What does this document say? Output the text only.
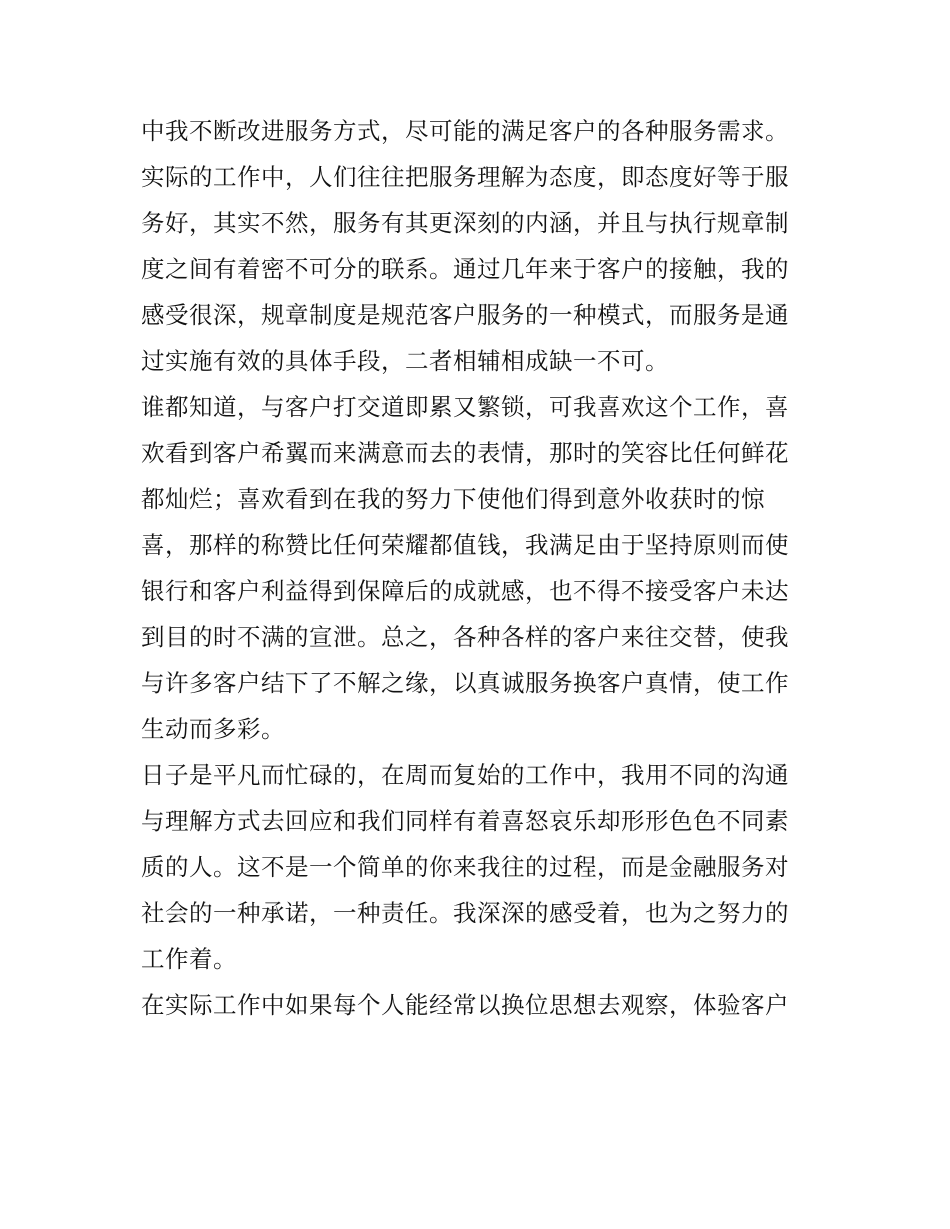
中我不断改进服务方式，尽可能的满足客户的各种服务需求。
实际的工作中，人们往往把服务理解为态度，即态度好等于服
务好，其实不然，服务有其更深刻的内涵，并且与执行规章制
度之间有着密不可分的联系。通过几年来于客户的接触，我的
感受很深，规章制度是规范客户服务的一种模式，而服务是通
过实施有效的具体手段，二者相辅相成缺一不可。
谁都知道，与客户打交道即累又繁锁，可我喜欢这个工作，喜
欢看到客户希翼而来满意而去的表情，那时的笑容比任何鲜花
都灿烂；喜欢看到在我的努力下使他们得到意外收获时的惊
喜，那样的称赞比任何荣耀都值钱，我满足由于坚持原则而使
银行和客户利益得到保障后的成就感，也不得不接受客户未达
到目的时不满的宣泄。总之，各种各样的客户来往交替，使我
与许多客户结下了不解之缘，以真诚服务换客户真情，使工作
生动而多彩。
日子是平凡而忙碌的，在周而复始的工作中，我用不同的沟通
与理解方式去回应和我们同样有着喜怒哀乐却形形色色不同素
质的人。这不是一个简单的你来我往的过程，而是金融服务对
社会的一种承诺，一种责任。我深深的感受着，也为之努力的
工作着。
在实际工作中如果每个人能经常以换位思想去观察，体验客户
